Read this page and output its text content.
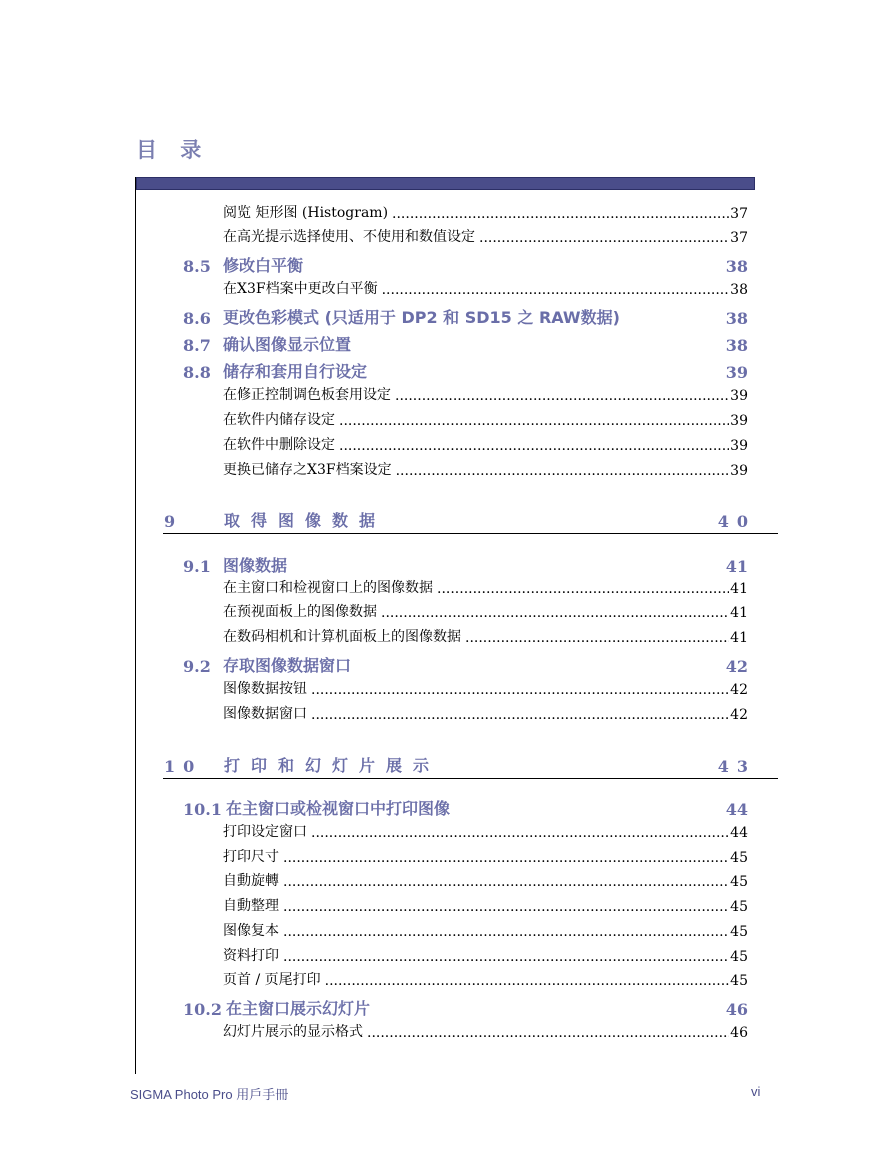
目 录
阅览 矩形图 (Histogram) .....	37
在高光提示选择使用、不使用和数值设定 .....	37
8.5 修改白平衡	38
在X3F档案中更改白平衡 .....	38
8.6 更改色彩模式 (只适用于 DP2 和 SD15 之 RAW数据)	38
8.7 确认图像显示位置	38
8.8 储存和套用自行设定	39
在修正控制调色板套用设定 .....	39
在软件内储存设定 .....	39
在软件中删除设定 .....	39
更换已储存之X3F档案设定 .....	39
9	取得图像数据	40
9.1 图像数据	41
在主窗口和检视窗口上的图像数据 .....	41
在预视面板上的图像数据 .....	41
在数码相机和计算机面板上的图像数据 .....	41
9.2 存取图像数据窗口	42
图像数据按钮 .....	42
图像数据窗口 .....	42
10	打印和幻灯片展示	43
10.1 在主窗口或检视窗口中打印图像	44
打印设定窗口 .....	44
打印尺寸 .....	45
自動旋轉 .....	45
自動整理 .....	45
图像复本 .....	45
资料打印 .....	45
页首 / 页尾打印 .....	45
10.2 在主窗口展示幻灯片	46
幻灯片展示的显示格式 .....	46
SIGMA Photo Pro 用戶手冊	vi
